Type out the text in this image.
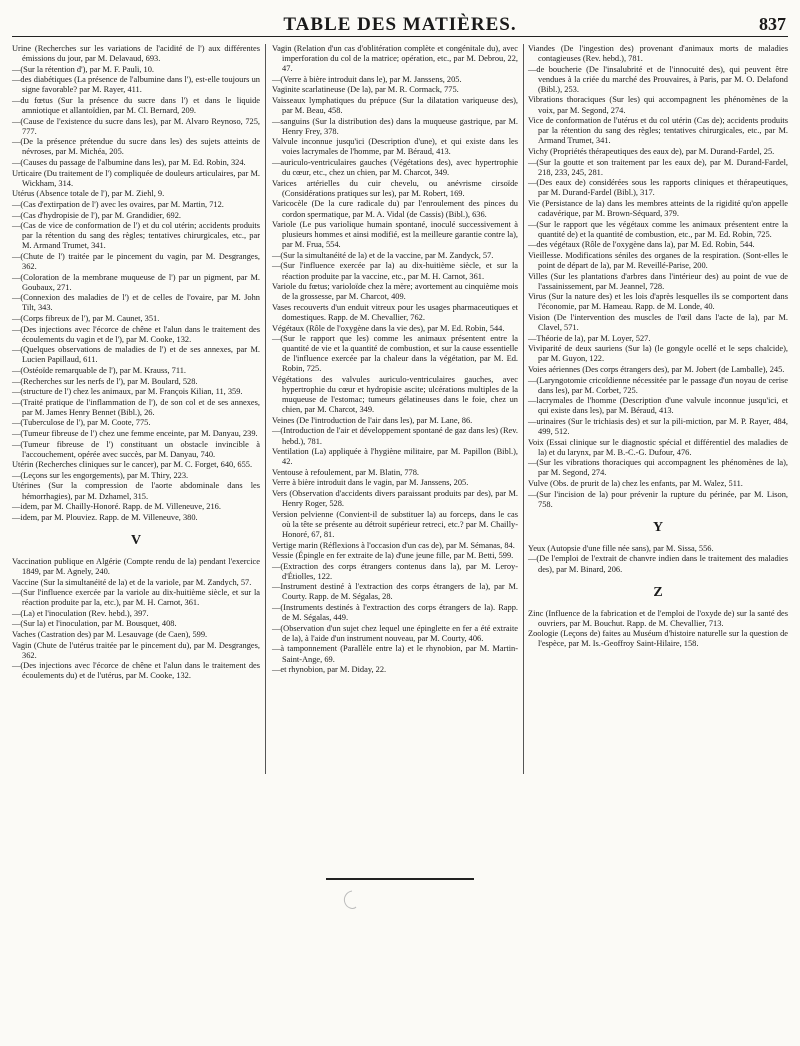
TABLE DES MATIÈRES.	837
Urine (Recherches sur les variations de l'acidité de l') aux différentes émissions du jour, par M. Delavaud, 693.
—(Sur la rétention d'), par M. F. Pauli, 10.
—des diabétiques (La présence de l'albumine dans l'), est-elle toujours un signe favorable? par M. Rayer, 411.
—du fœtus (Sur la présence du sucre dans l') et dans le liquide amniotique et allantoïdien, par M. Cl. Bernard, 209.
—(Cause de l'existence du sucre dans les), par M. Alvaro Reynoso, 725, 777.
—(De la présence prétendue du sucre dans les) des sujets atteints de névroses, par M. Michéa, 205.
—(Causes du passage de l'albumine dans les), par M. Ed. Robin, 324.
Urticaire (Du traitement de l') compliquée de douleurs articulaires, par M. Wickham, 314.
Utérus (Absence totale de l'), par M. Ziehl, 9.
—(Cas d'extirpation de l') avec les ovaires, par M. Martin, 712.
—(Cas d'hydropisie de l'), par M. Grandidier, 692.
—(Cas de vice de conformation de l') et du col utérin; accidents produits par la rétention du sang des règles; tentatives chirurgicales, etc., par M. Armand Trumet, 341.
—(Chute de l') traitée par le pincement du vagin, par M. Desgranges, 362.
—(Coloration de la membrane muqueuse de l') par un pigment, par M. Goubaux, 271.
—(Connexion des maladies de l') et de celles de l'ovaire, par M. John Tilt, 343.
—(Corps fibreux de l'), par M. Caunet, 351.
—(Des injections avec l'écorce de chêne et l'alun dans le traitement des écoulements du vagin et de l'), par M. Cooke, 132.
—(Quelques observations de maladies de l') et de ses annexes, par M. Lucien Papillaud, 611.
—(Ostéoïde remarquable de l'), par M. Krauss, 711.
—(Recherches sur les nerfs de l'), par M. Boulard, 528.
—(structure de l') chez les animaux, par M. François Kilian, 11, 359.
—(Traité pratique de l'inflammation de l'), de son col et de ses annexes, par M. James Henry Bennet (Bibl.), 26.
—(Tuberculose de l'), par M. Coote, 775.
—(Tumeur fibreuse de l') chez une femme enceinte, par M. Danyau, 239.
—(Tumeur fibreuse de l') constituant un obstacle invincible à l'accouchement, opérée avec succès, par M. Danyau, 740.
Utérin (Recherches cliniques sur le cancer), par M. C. Forget, 640, 655.
—(Leçons sur les engorgements), par M. Thiry, 223.
Utérines (Sur la compression de l'aorte abdominale dans les hémorrhagies), par M. Dzhamel, 315.
—idem, par M. Chailly-Honoré. Rapp. de M. Villeneuve, 216.
—idem, par M. Plouviez. Rapp. de M. Villeneuve, 380.
V
Vaccination publique en Algérie (Compte rendu de la) pendant l'exercice 1849, par M. Agnely, 240.
Vaccine (Sur la simultanéité de la) et de la variole, par M. Zandych, 57.
—(Sur l'influence exercée par la variole au dix-huitième siècle, et sur la réaction produite par la, etc.), par M. H. Carnot, 361.
—(La) et l'inoculation (Rev. hebd.), 397.
—(Sur la) et l'inoculation, par M. Bousquet, 408.
Vaches (Castration des) par M. Lesauvage (de Caen), 599.
Vagin (Chute de l'utérus traitée par le pincement du), par M. Desgranges, 362.
—(Des injections avec l'écorce de chêne et l'alun dans le traitement des écoulements du) et de l'utérus, par M. Cooke, 132.
Vagin (Relation d'un cas d'oblitération complète et congénitale du), avec imperforation du col de la matrice; opération, etc., par M. Debrou, 22, 47.
—(Verre à bière introduit dans le), par M. Janssens, 205.
Vaginite scarlatineuse (De la), par M. R. Cormack, 775.
Vaisseaux lymphatiques du prépuce (Sur la dilatation variqueuse des), par M. Beau, 458.
—sanguins (Sur la distribution des) dans la muqueuse gastrique, par M. Henry Frey, 378.
Valvule inconnue jusqu'ici (Description d'une), et qui existe dans les voies lacrymales de l'homme, par M. Béraud, 413.
—auriculo-ventriculaires gauches (Végétations des), avec hypertrophie du cœur, etc., chez un chien, par M. Charcot, 349.
Varices artérielles du cuir chevelu, ou anévrisme cirsoïde (Considérations pratiques sur les), par M. Robert, 169.
Varicocèle (De la cure radicale du) par l'enroulement des pinces du cordon spermatique, par M. A. Vidal (de Cassis) (Bibl.), 636.
Variole (Le pus variolique humain spontané, inoculé successivement à plusieurs hommes et ainsi modifié, est la meilleure garantie contre la), par M. Frua, 554.
—(Sur la simultanéité de la) et de la vaccine, par M. Zandyck, 57.
—(Sur l'influence exercée par la) au dix-huitième siècle, et sur la réaction produite par la vaccine, etc., par M. H. Carnot, 361.
Variole du fœtus; varioloïde chez la mère; avortement au cinquième mois de la grossesse, par M. Charcot, 409.
Vases recouverts d'un enduit vitreux pour les usages pharmaceutiques et domestiques. Rapp. de M. Chevallier, 762.
Végétaux (Rôle de l'oxygène dans la vie des), par M. Ed. Robin, 544.
—(Sur le rapport que les) comme les animaux présentent entre la quantité de vie et la quantité de combustion, et sur la cause essentielle de l'influence exercée par la chaleur dans la végétation, par M. Ed. Robin, 725.
Végétations des valvules auriculo-ventriculaires gauches, avec hypertrophie du cœur et hydropisie ascite; ulcérations multiples de la muqueuse de l'estomac; tumeurs gélatineuses dans le foie, chez un chien, par M. Charcot, 349.
Veines (De l'introduction de l'air dans les), par M. Lane, 86.
—(Introduction de l'air et développement spontané de gaz dans les) (Rev. hebd.), 781.
Ventilation (La) appliquée à l'hygiène militaire, par M. Papillon (Bibl.), 42.
Ventouse à refoulement, par M. Blatin, 778.
Verre à bière introduit dans le vagin, par M. Janssens, 205.
Vers (Observation d'accidents divers paraissant produits par des), par M. Henry Roger, 528.
Version pelvienne (Convient-il de substituer la) au forceps, dans le cas où la tête se présente au détroit supérieur retreci, etc.? par M. Chailly-Honoré, 67, 81.
Vertige marin (Réflexions à l'occasion d'un cas de), par M. Sémanas, 84.
Vessie (Épingle en fer extraite de la) d'une jeune fille, par M. Betti, 599.
—(Extraction des corps étrangers contenus dans la), par M. Leroy-d'Étiolles, 122.
—Instrument destiné à l'extraction des corps étrangers de la), par M. Courty. Rapp. de M. Ségalas, 28.
—(Instruments destinés à l'extraction des corps étrangers de la). Rapp. de M. Ségalas, 449.
—(Observation d'un sujet chez lequel une épinglette en fer a été extraite de la), à l'aide d'un instrument nouveau, par M. Courty, 406.
—à tamponnement (Parallèle entre la) et le rhynobion, par M. Martin-Saint-Ange, 69.
—et rhynobion, par M. Diday, 22.
Viandes (De l'ingestion des) provenant d'animaux morts de maladies contagieuses (Rev. hebd.), 781.
—de boucherie (De l'insalubrité et de l'innocuité des), qui peuvent être vendues à la criée du marché des Prouvaires, à Paris, par M. O. Delafond (Bibl.), 253.
Vibrations thoraciques (Sur les) qui accompagnent les phénomènes de la voix, par M. Segond, 274.
Vice de conformation de l'utérus et du col utérin (Cas de); accidents produits par la rétention du sang des règles; tentatives chirurgicales, etc., par M. Armand Trumet, 341.
Vichy (Propriétés thérapeutiques des eaux de), par M. Durand-Fardel, 25.
—(Sur la goutte et son traitement par les eaux de), par M. Durand-Fardel, 218, 233, 245, 281.
—(Des eaux de) considérées sous les rapports cliniques et thérapeutiques, par M. Durand-Fardel (Bibl.), 317.
Vie (Persistance de la) dans les membres atteints de la rigidité qu'on appelle cadavérique, par M. Brown-Séquard, 379.
—(Sur le rapport que les végétaux comme les animaux présentent entre la quantité de) et la quantité de combustion, etc., par M. Ed. Robin, 725.
—des végétaux (Rôle de l'oxygène dans la), par M. Ed. Robin, 544.
Vieillesse. Modifications séniles des organes de la respiration. (Sont-elles le point de départ de la), par M. Reveillé-Parise, 200.
Villes (Sur les plantations d'arbres dans l'intérieur des) au point de vue de l'assainissement, par M. Jeannel, 728.
Virus (Sur la nature des) et les lois d'après lesquelles ils se comportent dans l'économie, par M. Hameau. Rapp. de M. Londe, 40.
Vision (De l'intervention des muscles de l'œil dans l'acte de la), par M. Clavel, 571.
—Théorie de la), par M. Loyer, 527.
Viviparité de deux sauriens (Sur la) (le gongyle ocellé et le seps chalcide), par M. Guyon, 122.
Voies aériennes (Des corps étrangers des), par M. Jobert (de Lamballe), 245.
—(Laryngotomie cricoïdienne nécessitée par le passage d'un noyau de cerise dans les), par M. Corbet, 725.
—lacrymales de l'homme (Description d'une valvule inconnue jusqu'ici, et qui existe dans les), par M. Béraud, 413.
—urinaires (Sur le trichiasis des) et sur la pili-miction, par M. P. Rayer, 484, 499, 512.
Voix (Essai clinique sur le diagnostic spécial et différentiel des maladies de la) et du larynx, par M. B.-C.-G. Dufour, 476.
—(Sur les vibrations thoraciques qui accompagnent les phénomènes de la), par M. Segond, 274.
Vulve (Obs. de prurit de la) chez les enfants, par M. Walez, 511.
—(Sur l'incision de la) pour prévenir la rupture du périnée, par M. Lison, 758.
Y
Yeux (Autopsie d'une fille née sans), par M. Sissa, 556.
—(De l'emploi de l'extrait de chanvre indien dans le traitement des maladies des), par M. Binard, 206.
Z
Zinc (Influence de la fabrication et de l'emploi de l'oxyde de) sur la santé des ouvriers, par M. Bouchut. Rapp. de M. Chevallier, 713.
Zoologie (Leçons de) faites au Muséum d'histoire naturelle sur la question de l'espèce, par M. Is.-Geoffroy Saint-Hilaire, 158.
